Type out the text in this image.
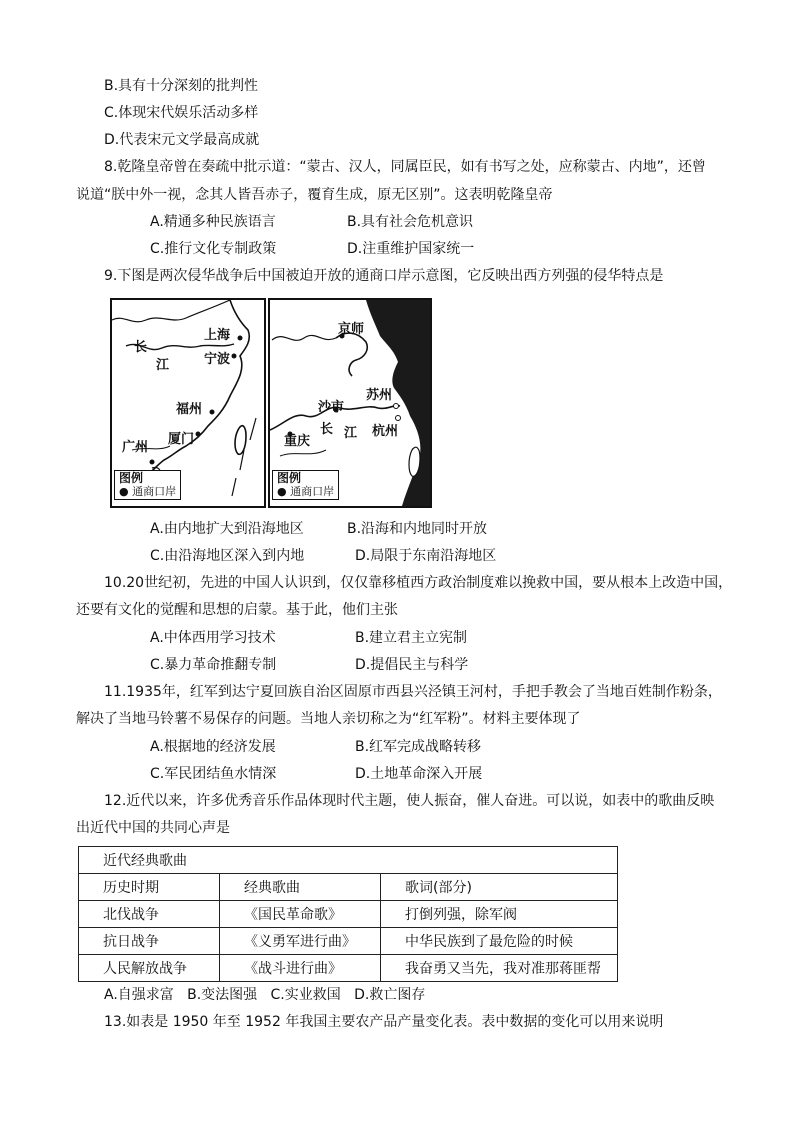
B.具有十分深刻的批判性
C.体现宋代娱乐活动多样
D.代表宋元文学最高成就
8.乾隆皇帝曾在奏疏中批示道：“蒙古、汉人，同属臣民，如有书写之处，应称蒙古、内地”，还曾
说道“朕中外一视，念其人皆吾赤子，覆育生成，原无区别”。这表明乾隆皇帝
A.精通多种民族语言	B.具有社会危机意识
C.推行文化专制政策	D.注重维护国家统一
9.下图是两次侵华战争后中国被迫开放的通商口岸示意图，它反映出西方列强的侵华特点是
上海
宁波
长
江
福州
厦门
广州
图例
● 通商口岸
京师
苏州
沙市
长 江 杭州
重庆
图例
● 通商口岸
A.由内地扩大到沿海地区	B.沿海和内地同时开放
C.由沿海地区深入到内地	D.局限于东南沿海地区
10.20世纪初，先进的中国人认识到，仅仅靠移植西方政治制度难以挽救中国，要从根本上改造中国，
还要有文化的觉醒和思想的启蒙。基于此，他们主张
A.中体西用学习技术	B.建立君主立宪制
C.暴力革命推翻专制	D.提倡民主与科学
11.1935年，红军到达宁夏回族自治区固原市西县兴泾镇王河村，手把手教会了当地百姓制作粉条，
解决了当地马铃薯不易保存的问题。当地人亲切称之为“红军粉”。材料主要体现了
A.根据地的经济发展	B.红军完成战略转移
C.军民团结鱼水情深	D.土地革命深入开展
12.近代以来，许多优秀音乐作品体现时代主题，使人振奋，催人奋进。可以说，如表中的歌曲反映
出近代中国的共同心声是
近代经典歌曲		
历史时期	经典歌曲	歌词(部分)
北伐战争	《国民革命歌》	打倒列强，除军阀
抗日战争	《义勇军进行曲》	中华民族到了最危险的时候
人民解放战争	《战斗进行曲》	我奋勇又当先，我对准那蒋匪帮
A.自强求富   B.变法图强   C.实业救国   D.救亡图存
13.如表是 1950 年至 1952 年我国主要农产品产量变化表。表中数据的变化可以用来说明
